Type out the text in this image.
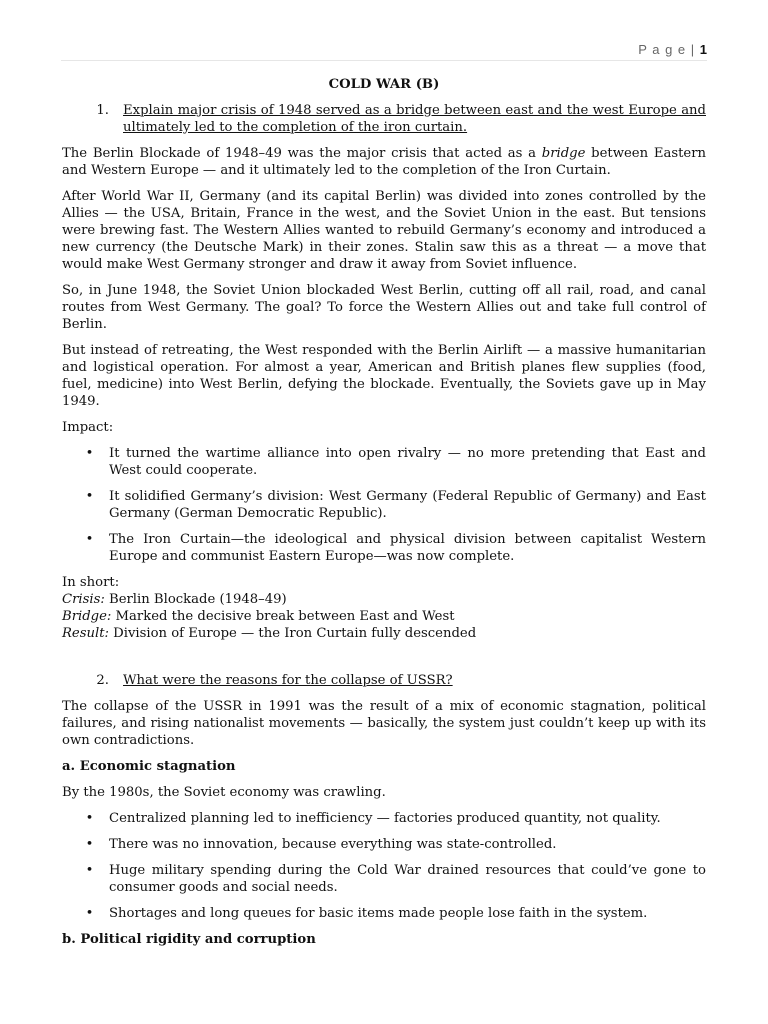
P a g e | 1
COLD WAR (B)
1. Explain major crisis of 1948 served as a bridge between east and the west Europe and ultimately led to the completion of the iron curtain.

The Berlin Blockade of 1948–49 was the major crisis that acted as a bridge between Eastern and Western Europe — and it ultimately led to the completion of the Iron Curtain.

After World War II, Germany (and its capital Berlin) was divided into zones controlled by the Allies — the USA, Britain, France in the west, and the Soviet Union in the east. But tensions were brewing fast. The Western Allies wanted to rebuild Germany’s economy and introduced a new currency (the Deutsche Mark) in their zones. Stalin saw this as a threat — a move that would make West Germany stronger and draw it away from Soviet influence.

So, in June 1948, the Soviet Union blockaded West Berlin, cutting off all rail, road, and canal routes from West Germany. The goal? To force the Western Allies out and take full control of Berlin.

But instead of retreating, the West responded with the Berlin Airlift — a massive humanitarian and logistical operation. For almost a year, American and British planes flew supplies (food, fuel, medicine) into West Berlin, defying the blockade. Eventually, the Soviets gave up in May 1949.

Impact:

•	It turned the wartime alliance into open rivalry — no more pretending that East and West could cooperate.
•	It solidified Germany’s division: West Germany (Federal Republic of Germany) and East Germany (German Democratic Republic).
•	The Iron Curtain—the ideological and physical division between capitalist Western Europe and communist Eastern Europe—was now complete.

In short:

Crisis: Berlin Blockade (1948–49)

Bridge: Marked the decisive break between East and West

Result: Division of Europe — the Iron Curtain fully descended

2. What were the reasons for the collapse of USSR?

The collapse of the USSR in 1991 was the result of a mix of economic stagnation, political failures, and rising nationalist movements — basically, the system just couldn’t keep up with its own contradictions.

a. Economic stagnation

By the 1980s, the Soviet economy was crawling.

•	Centralized planning led to inefficiency — factories produced quantity, not quality.
•	There was no innovation, because everything was state-controlled.
•	Huge military spending during the Cold War drained resources that could’ve gone to consumer goods and social needs.
•	Shortages and long queues for basic items made people lose faith in the system.

b. Political rigidity and corruption
